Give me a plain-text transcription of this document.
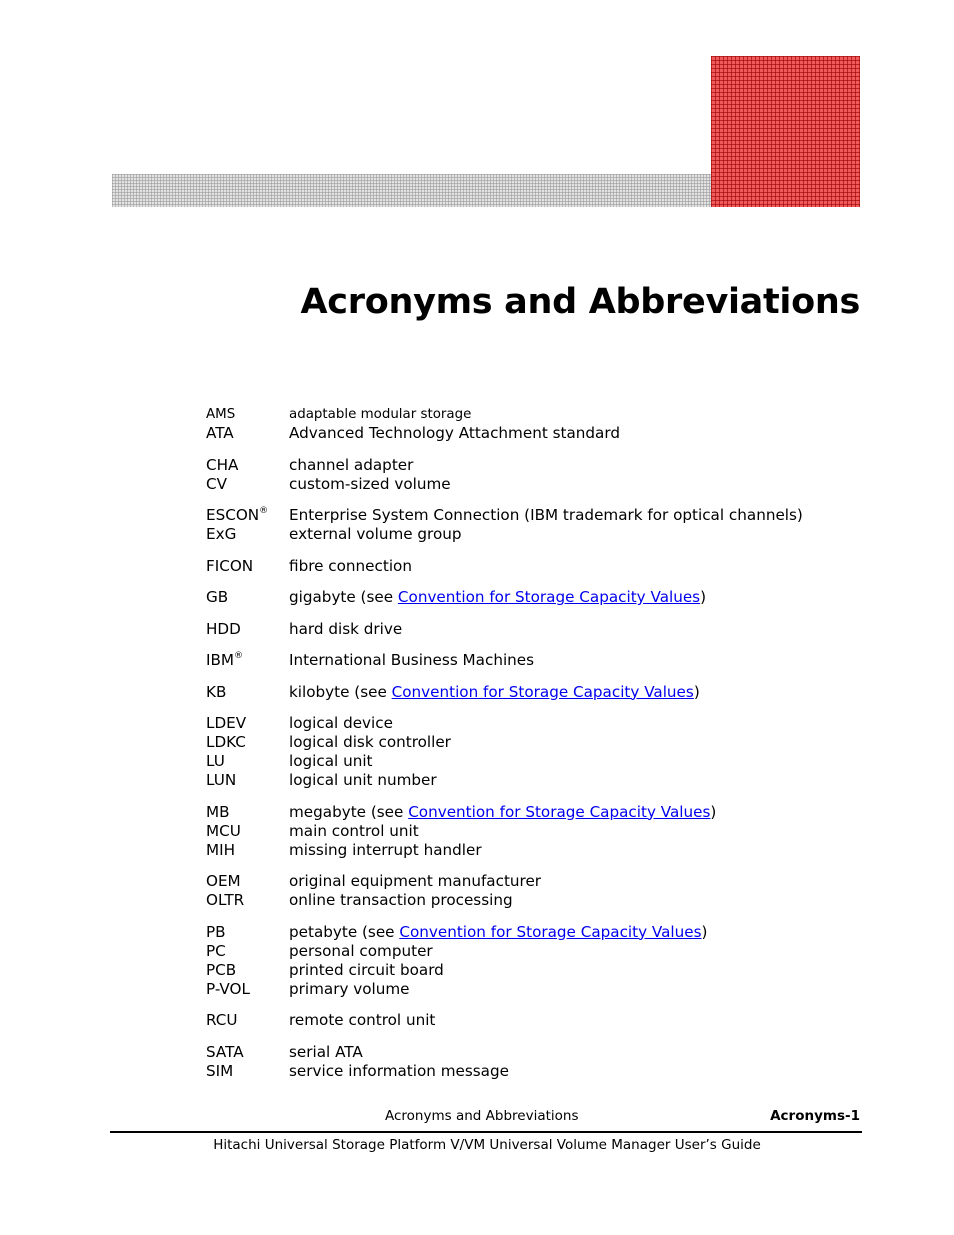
Acronyms and Abbreviations
AMS	adaptable modular storage
ATA	Advanced Technology Attachment standard
CHA	channel adapter
CV	custom-sized volume
ESCON®	Enterprise System Connection (IBM trademark for optical channels)
ExG	external volume group
FICON	fibre connection
GB	gigabyte (see Convention for Storage Capacity Values)
HDD	hard disk drive
IBM®	International Business Machines
KB	kilobyte (see Convention for Storage Capacity Values)
LDEV	logical device
LDKC	logical disk controller
LU	logical unit
LUN	logical unit number
MB	megabyte (see Convention for Storage Capacity Values)
MCU	main control unit
MIH	missing interrupt handler
OEM	original equipment manufacturer
OLTR	online transaction processing
PB	petabyte (see Convention for Storage Capacity Values)
PC	personal computer
PCB	printed circuit board
P-VOL	primary volume
RCU	remote control unit
SATA	serial ATA
SIM	service information message
Acronyms and Abbreviations	Acronyms-1
Hitachi Universal Storage Platform V/VM Universal Volume Manager User’s Guide
